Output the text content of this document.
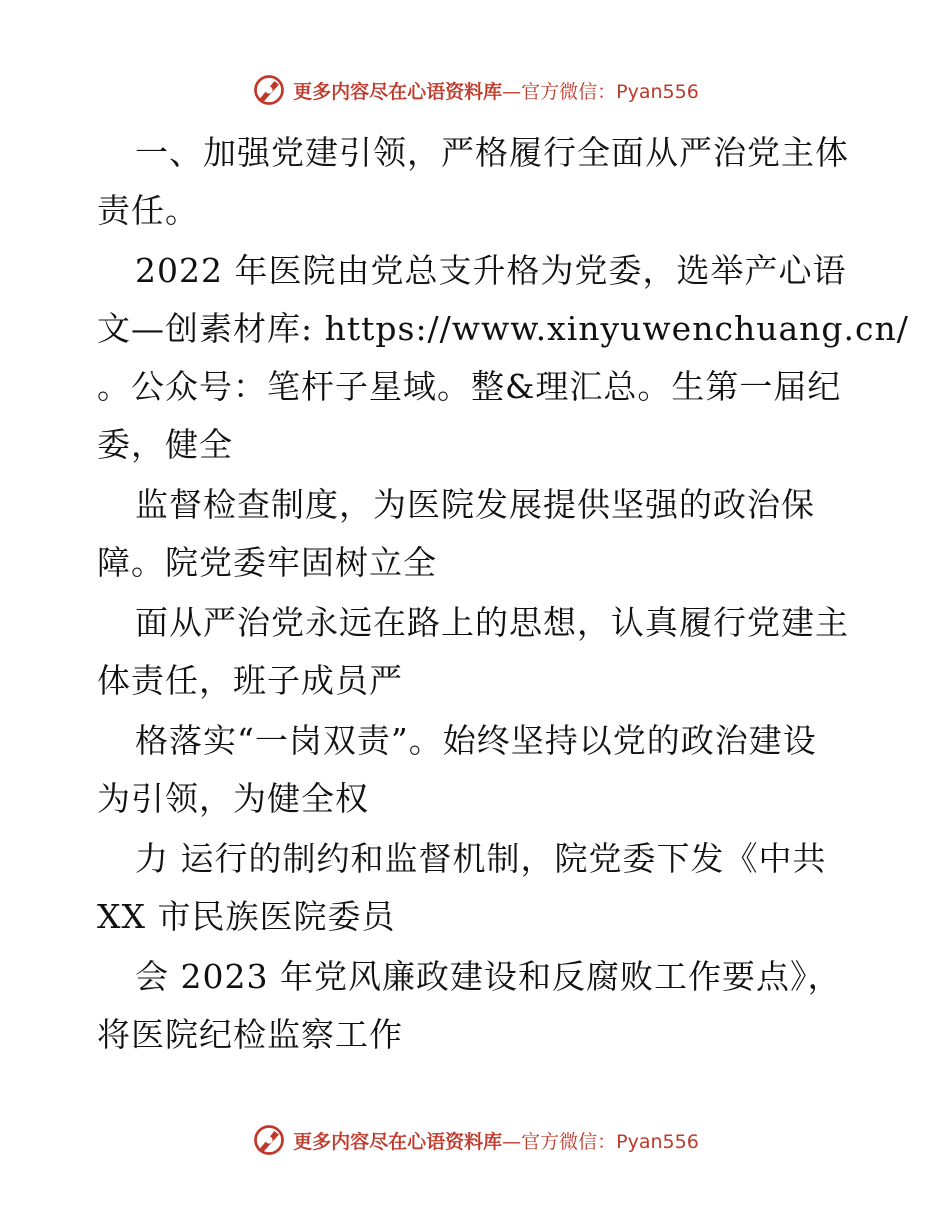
更多内容尽在心语资料库—官方微信：Pyan556

一、加强党建引领，严格履行全面从严治党主体
责任。

2022 年医院由党总支升格为党委，选举产心语
文—创素材库: https://www.xinyuwenchuang.cn/
。公众号：笔杆子星域。整&理汇总。生第一届纪
委，健全

监督检查制度，为医院发展提供坚强的政治保
障。院党委牢固树立全

面从严治党永远在路上的思想，认真履行党建主
体责任，班子成员严

格落实“一岗双责”。始终坚持以党的政治建设
为引领，为健全权

力 运行的制约和监督机制，院党委下发《中共
XX 市民族医院委员

会 2023 年党风廉政建设和反腐败工作要点》，
将医院纪检监察工作

更多内容尽在心语资料库—官方微信：Pyan556
